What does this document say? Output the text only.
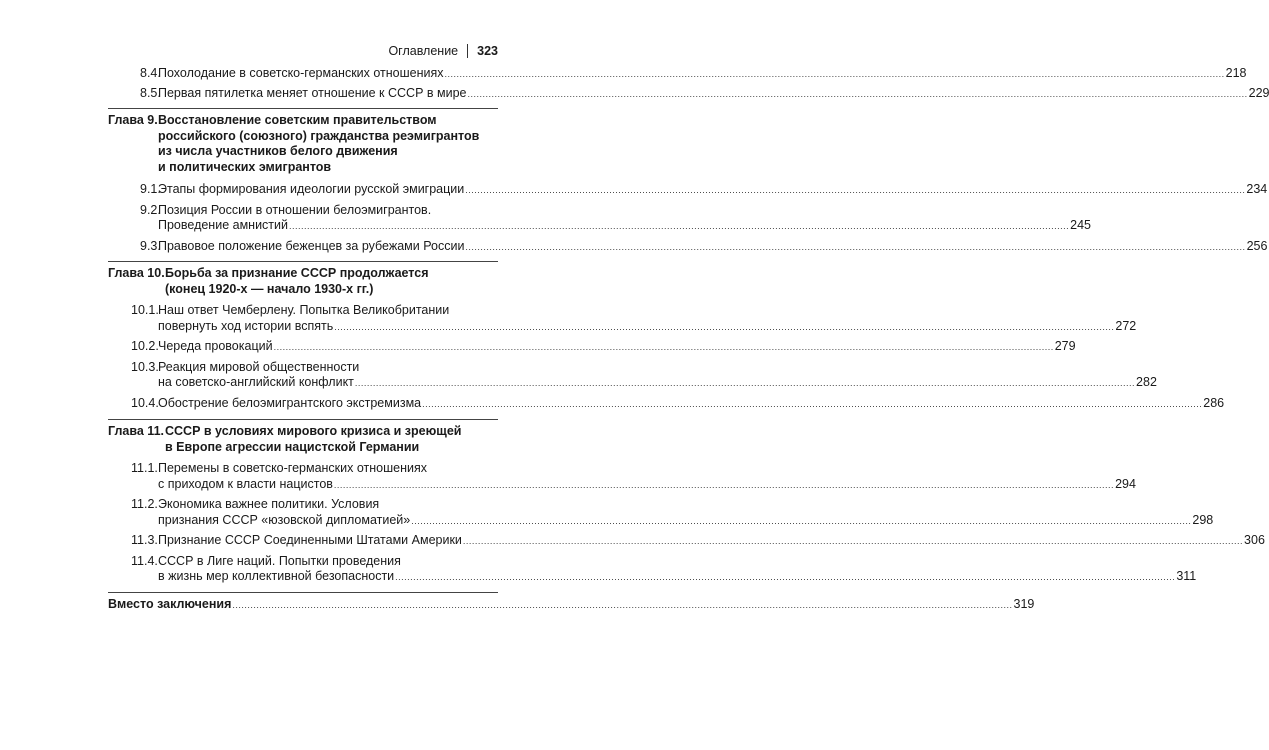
Оглавление 323
8.4.
Похолодание в советско-германских отношениях .................................................................................................................................................................................................................................................................... 218
8.5.
Первая пятилетка меняет отношение к СССР в мире .................................................................................................................................................................................................................................................................... 229
Глава 9. Восстановление советским правительством
российского (союзного) гражданства реэмигрантов
из числа участников белого движения
и политических эмигрантов
9.1.
Этапы формирования идеологии русской эмиграции .................................................................................................................................................................................................................................................................... 234
9.2.
Позиция России в отношении белоэмигрантов.
Проведение амнистий .................................................................................................................................................................................................................................................................... 245
9.3.
Правовое положение беженцев за рубежами России .................................................................................................................................................................................................................................................................... 256
Глава 10. Борьба за признание СССР продолжается
(конец 1920-х — начало 1930-х гг.)
10.1. Наш ответ Чемберлену. Попытка Великобритании
повернуть ход истории вспять .................................................................................................................................................................................................................................................................... 272
10.2. Череда провокаций .................................................................................................................................................................................................................................................................... 279
10.3. Реакция мировой общественности
на советско-английский конфликт .................................................................................................................................................................................................................................................................... 282
10.4. Обострение белоэмигрантского экстремизма .................................................................................................................................................................................................................................................................... 286
Глава 11. СССР в условиях мирового кризиса и зреющей
в Европе агрессии нацистской Германии
11.1. Перемены в советско-германских отношениях
с приходом к власти нацистов .................................................................................................................................................................................................................................................................... 294
11.2. Экономика важнее политики. Условия
признания СССР «юзовской дипломатией» .................................................................................................................................................................................................................................................................... 298
11.3. Признание СССР Соединенными Штатами Америки .................................................................................................................................................................................................................................................................... 306
11.4. СССР в Лиге наций. Попытки проведения
в жизнь мер коллективной безопасности .................................................................................................................................................................................................................................................................... 311
Вместо заключения .................................................................................................................................................................................................................................................................... 319
